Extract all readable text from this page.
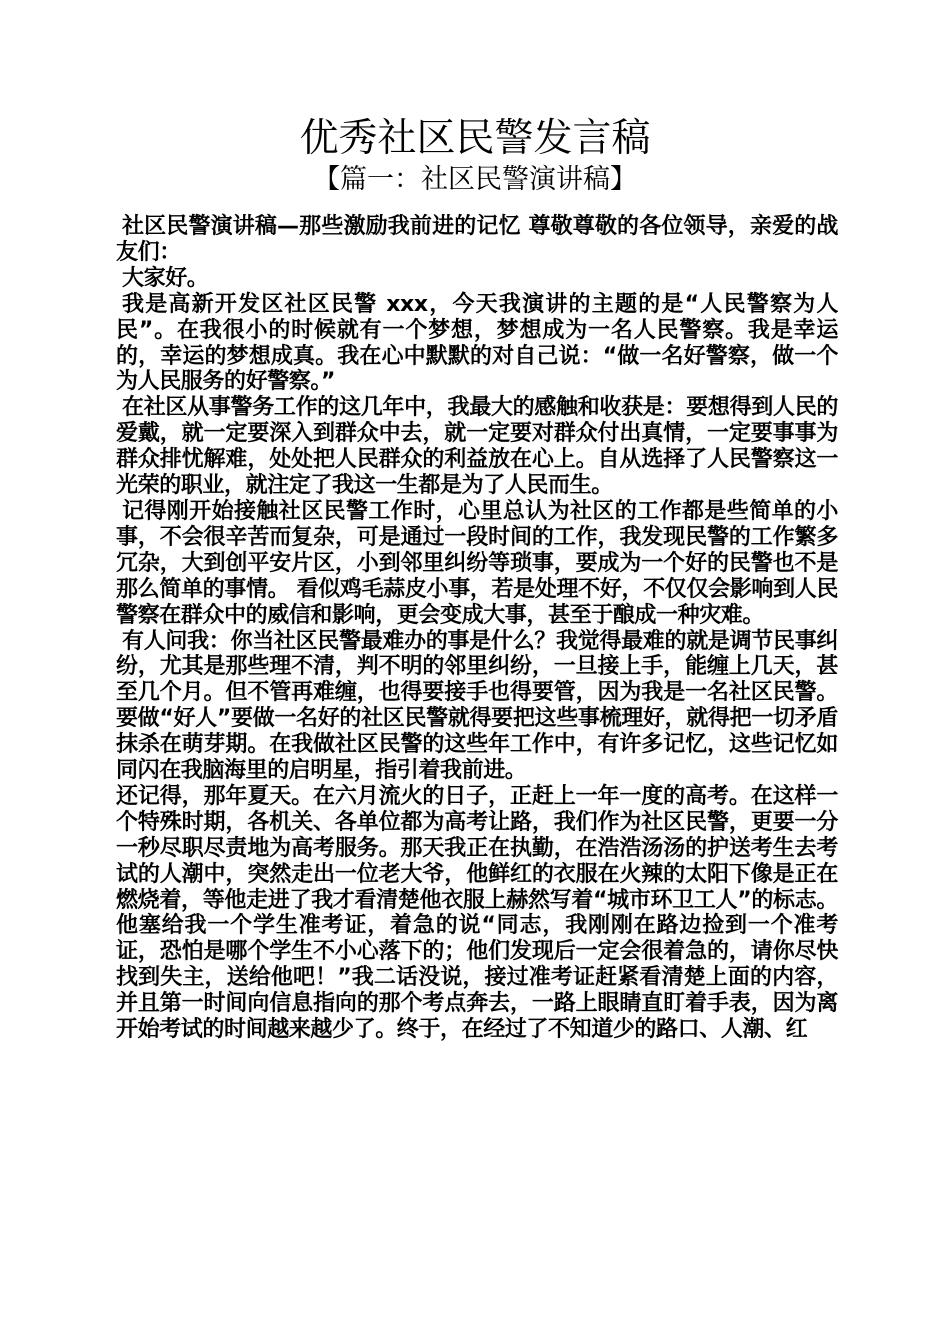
优秀社区民警发言稿
【篇一：社区民警演讲稿】

社区民警演讲稿—那些激励我前进的记忆 尊敬尊敬的各位领导，亲爱的战友们：

大家好。

我是高新开发区社区民警 xxx，今天我演讲的主题的是“人民警察为人民”。在我很小的时候就有一个梦想，梦想成为一名人民警察。我是幸运的，幸运的梦想成真。我在心中默默的对自己说：“做一名好警察，做一个为人民服务的好警察。”

在社区从事警务工作的这几年中，我最大的感触和收获是：要想得到人民的爱戴，就一定要深入到群众中去，就一定要对群众付出真情，一定要事事为群众排忧解难，处处把人民群众的利益放在心上。自从选择了人民警察这一光荣的职业，就注定了我这一生都是为了人民而生。

记得刚开始接触社区民警工作时，心里总认为社区的工作都是些简单的小事，不会很辛苦而复杂，可是通过一段时间的工作，我发现民警的工作繁多冗杂，大到创平安片区，小到邻里纠纷等琐事，要成为一个好的民警也不是那么简单的事情。 看似鸡毛蒜皮小事，若是处理不好，不仅仅会影响到人民警察在群众中的威信和影响，更会变成大事，甚至于酿成一种灾难。

有人问我：你当社区民警最难办的事是什么？我觉得最难的就是调节民事纠纷，尤其是那些理不清，判不明的邻里纠纷，一旦接上手，能缠上几天，甚至几个月。但不管再难缠，也得要接手也得要管，因为我是一名社区民警。要做“好人”要做一名好的社区民警就得要把这些事梳理好，就得把一切矛盾抹杀在萌芽期。在我做社区民警的这些年工作中，有许多记忆，这些记忆如同闪在我脑海里的启明星，指引着我前进。

还记得，那年夏天。在六月流火的日子，正赶上一年一度的高考。在这样一个特殊时期，各机关、各单位都为高考让路，我们作为社区民警，更要一分一秒尽职尽责地为高考服务。那天我正在执勤，在浩浩汤汤的护送考生去考试的人潮中，突然走出一位老大爷，他鲜红的衣服在火辣的太阳下像是正在燃烧着，等他走进了我才看清楚他衣服上赫然写着“城市环卫工人”的标志。他塞给我一个学生准考证，着急的说“同志，我刚刚在路边捡到一个准考证，恐怕是哪个学生不小心落下的；他们发现后一定会很着急的，请你尽快找到失主，送给他吧！”我二话没说，接过准考证赶紧看清楚上面的内容，并且第一时间向信息指向的那个考点奔去，一路上眼睛直盯着手表，因为离开始考试的时间越来越少了。终于，在经过了不知道少的路口、人潮、红
